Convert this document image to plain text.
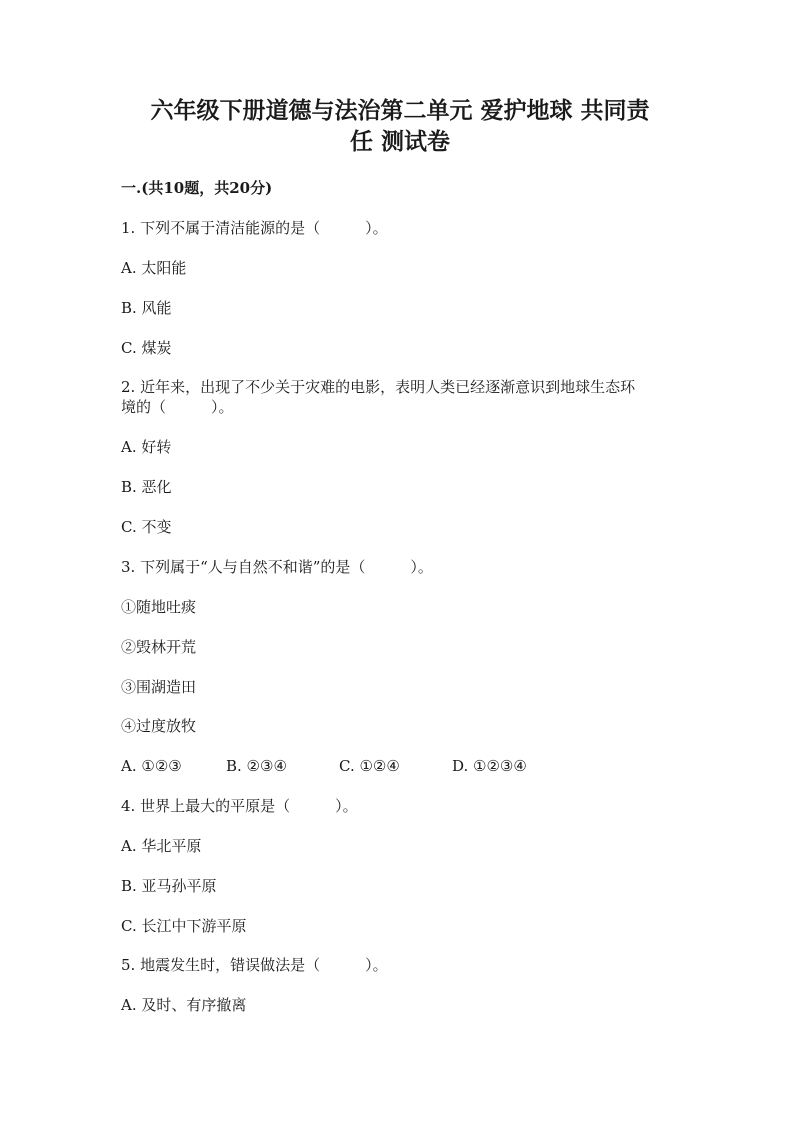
六年级下册道德与法治第二单元 爱护地球 共同责
任 测试卷
一.(共10题，共20分)
1. 下列不属于清洁能源的是（　　　）。
A. 太阳能
B. 风能
C. 煤炭
2. 近年来，出现了不少关于灾难的电影，表明人类已经逐渐意识到地球生态环
境的（　　　）。
A. 好转
B. 恶化
C. 不变
3. 下列属于“人与自然不和谐”的是（　　　）。
①随地吐痰
②毁林开荒
③围湖造田
④过度放牧
A. ①②③	B. ②③④	C. ①②④	D. ①②③④
4. 世界上最大的平原是（　　　）。
A. 华北平原
B. 亚马孙平原
C. 长江中下游平原
5. 地震发生时，错误做法是（　　　）。
A. 及时、有序撤离
